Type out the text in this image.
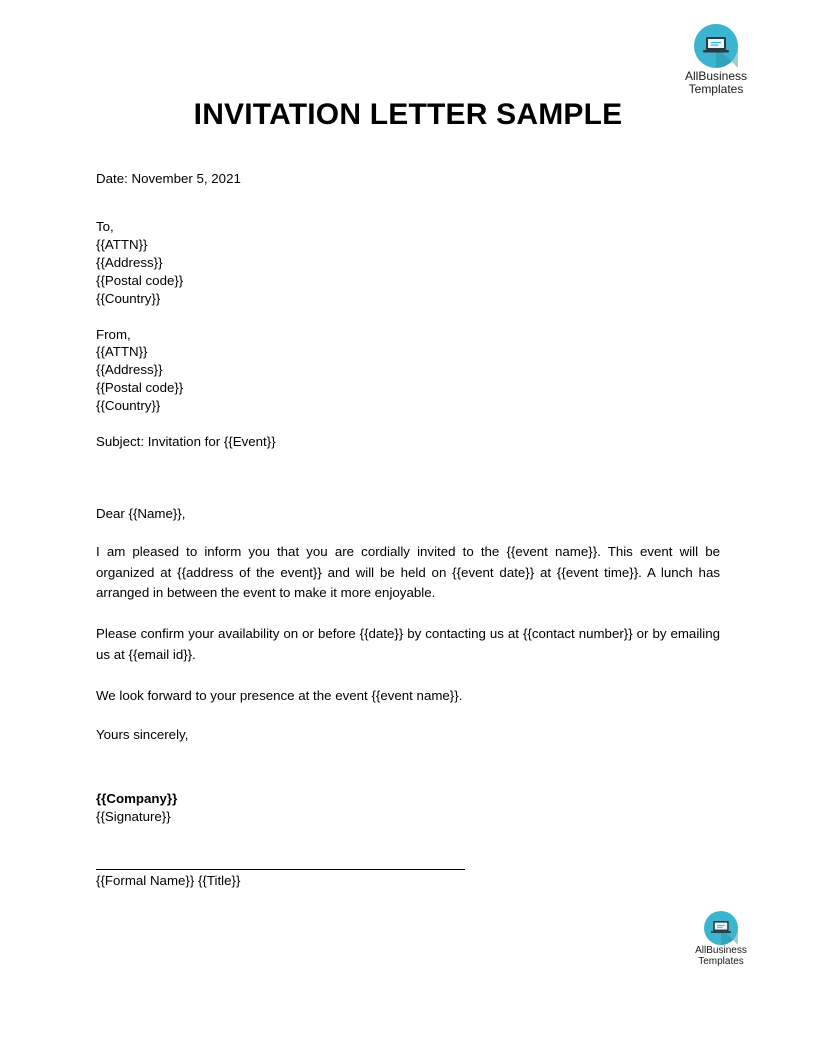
AllBusiness
Templates
INVITATION LETTER SAMPLE
Date: November 5, 2021
To,
{{ATTN}}
{{Address}}
{{Postal code}}
{{Country}}
From,
{{ATTN}}
{{Address}}
{{Postal code}}
{{Country}}
Subject: Invitation for {{Event}}
Dear {{Name}},
I am pleased to inform you that you are cordially invited to the {{event name}}. This event will be organized at {{address of the event}} and will be held on {{event date}} at {{event time}}. A lunch has arranged in between the event to make it more enjoyable.
Please confirm your availability on or before {{date}} by contacting us at {{contact number}} or by emailing us at {{email id}}.
We look forward to your presence at the event {{event name}}.
Yours sincerely,
{{Company}}
{{Signature}}
{{Formal Name}} {{Title}}
AllBusiness
Templates
